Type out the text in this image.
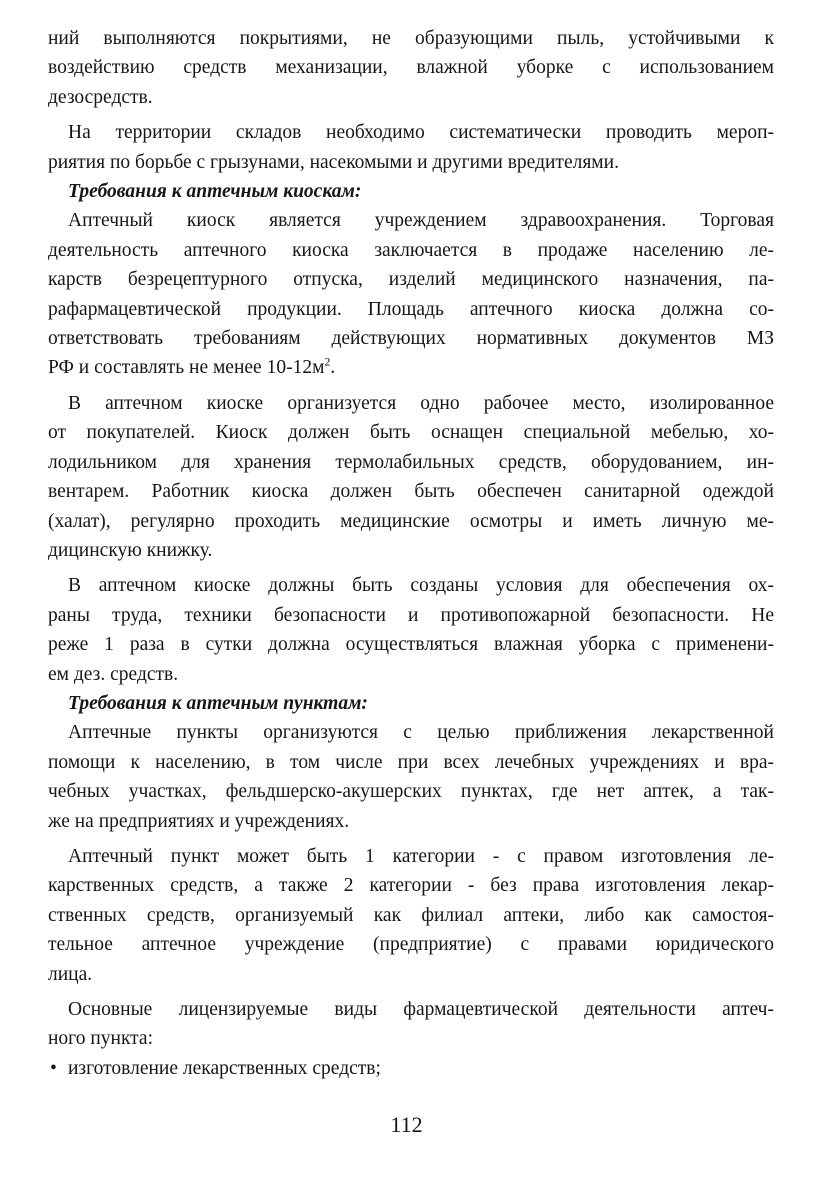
ний выполняются покрытиями, не образующими пыль, устойчивыми к
воздействию средств механизации, влажной уборке с использованием
дезосредств.

На территории складов необходимо систематически проводить мероп-
риятия по борьбе с грызунами, насекомыми и другими вредителями.

Требования к аптечным киоскам:

Аптечный киоск является учреждением здравоохранения. Торговая
деятельность аптечного киоска заключается в продаже населению ле-
карств безрецептурного отпуска, изделий медицинского назначения, па-
рафармацевтической продукции. Площадь аптечного киоска должна со-
ответствовать требованиям действующих нормативных документов МЗ
РФ и составлять не менее $10-12м^2$.

В аптечном киоске организуется одно рабочее место, изолированное
от покупателей. Киоск должен быть оснащен специальной мебелью, хо-
лодильником для хранения термолабильных средств, оборудованием, ин-
вентарем. Работник киоска должен быть обеспечен санитарной одеждой
(халат), регулярно проходить медицинские осмотры и иметь личную ме-
дицинскую книжку.

В аптечном киоске должны быть созданы условия для обеспечения ох-
раны труда, техники безопасности и противопожарной безопасности. Не
реже 1 раза в сутки должна осуществляться влажная уборка с применени-
ем дез. средств.

Требования к аптечным пунктам:

Аптечные пункты организуются с целью приближения лекарственной
помощи к населению, в том числе при всех лечебных учреждениях и вра-
чебных участках, фельдшерско-акушерских пунктах, где нет аптек, а так-
же на предприятиях и учреждениях.

Аптечный пункт может быть 1 категории - с правом изготовления ле-
карственных средств, а также 2 категории - без права изготовления лекар-
ственных средств, организуемый как филиал аптеки, либо как самостоя-
тельное аптечное учреждение (предприятие) с правами юридического
лица.

Основные лицензируемые виды фармацевтической деятельности аптеч-
ного пункта:

• изготовление лекарственных средств;

112
